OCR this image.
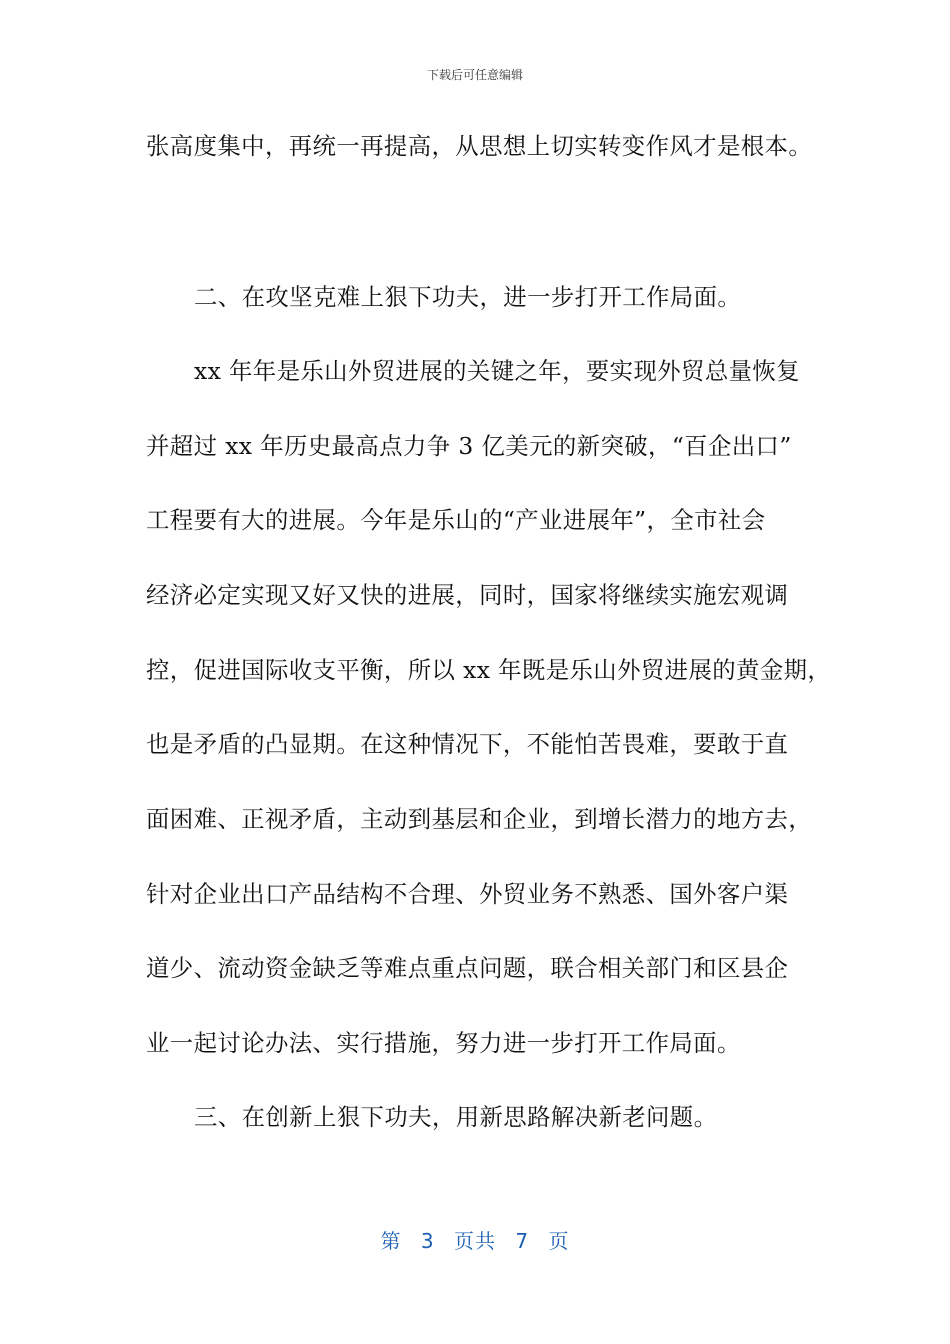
下载后可任意编辑
张高度集中，再统一再提高，从思想上切实转变作风才是根本。
二、在攻坚克难上狠下功夫，进一步打开工作局面。
xx 年年是乐山外贸进展的关键之年，要实现外贸总量恢复
并超过 xx 年历史最高点力争 3 亿美元的新突破，“百企出口”
工程要有大的进展。今年是乐山的“产业进展年”，全市社会
经济必定实现又好又快的进展，同时，国家将继续实施宏观调
控，促进国际收支平衡，所以 xx 年既是乐山外贸进展的黄金期，
也是矛盾的凸显期。在这种情况下，不能怕苦畏难，要敢于直
面困难、正视矛盾，主动到基层和企业，到增长潜力的地方去，
针对企业出口产品结构不合理、外贸业务不熟悉、国外客户渠
道少、流动资金缺乏等难点重点问题，联合相关部门和区县企
业一起讨论办法、实行措施，努力进一步打开工作局面。
三、在创新上狠下功夫，用新思路解决新老问题。
第 3 页共 7 页
